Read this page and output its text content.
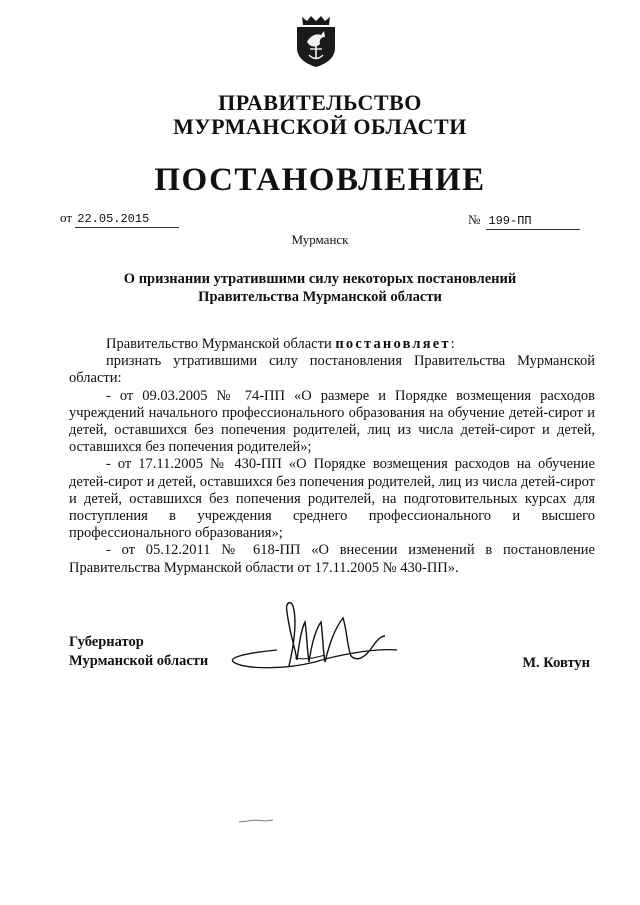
ПРАВИТЕЛЬСТВО
МУРМАНСКОЙ ОБЛАСТИ
ПОСТАНОВЛЕНИЕ
от 22.05.2015	№ 199-ПП
Мурманск
О признании утратившими силу некоторых постановлений
Правительства Мурманской области

Правительство Мурманской области постановляет:

признать утратившими силу постановления Правительства Мурманской области:

- от 09.03.2005 № 74-ПП «О размере и Порядке возмещения расходов учреждений начального профессионального образования на обучение детей-сирот и детей, оставшихся без попечения родителей, лиц из числа детей-сирот и детей, оставшихся без попечения родителей»;

- от 17.11.2005 № 430-ПП «О Порядке возмещения расходов на обучение детей-сирот и детей, оставшихся без попечения родителей, лиц из числа детей-сирот и детей, оставшихся без попечения родителей, на подготовительных курсах для поступления в учреждения среднего профессионального и высшего профессионального образования»;

- от 05.12.2011 № 618-ПП «О внесении изменений в постановление Правительства Мурманской области от 17.11.2005 № 430-ПП».

Губернатор
Мурманской области	М. Ковтун
